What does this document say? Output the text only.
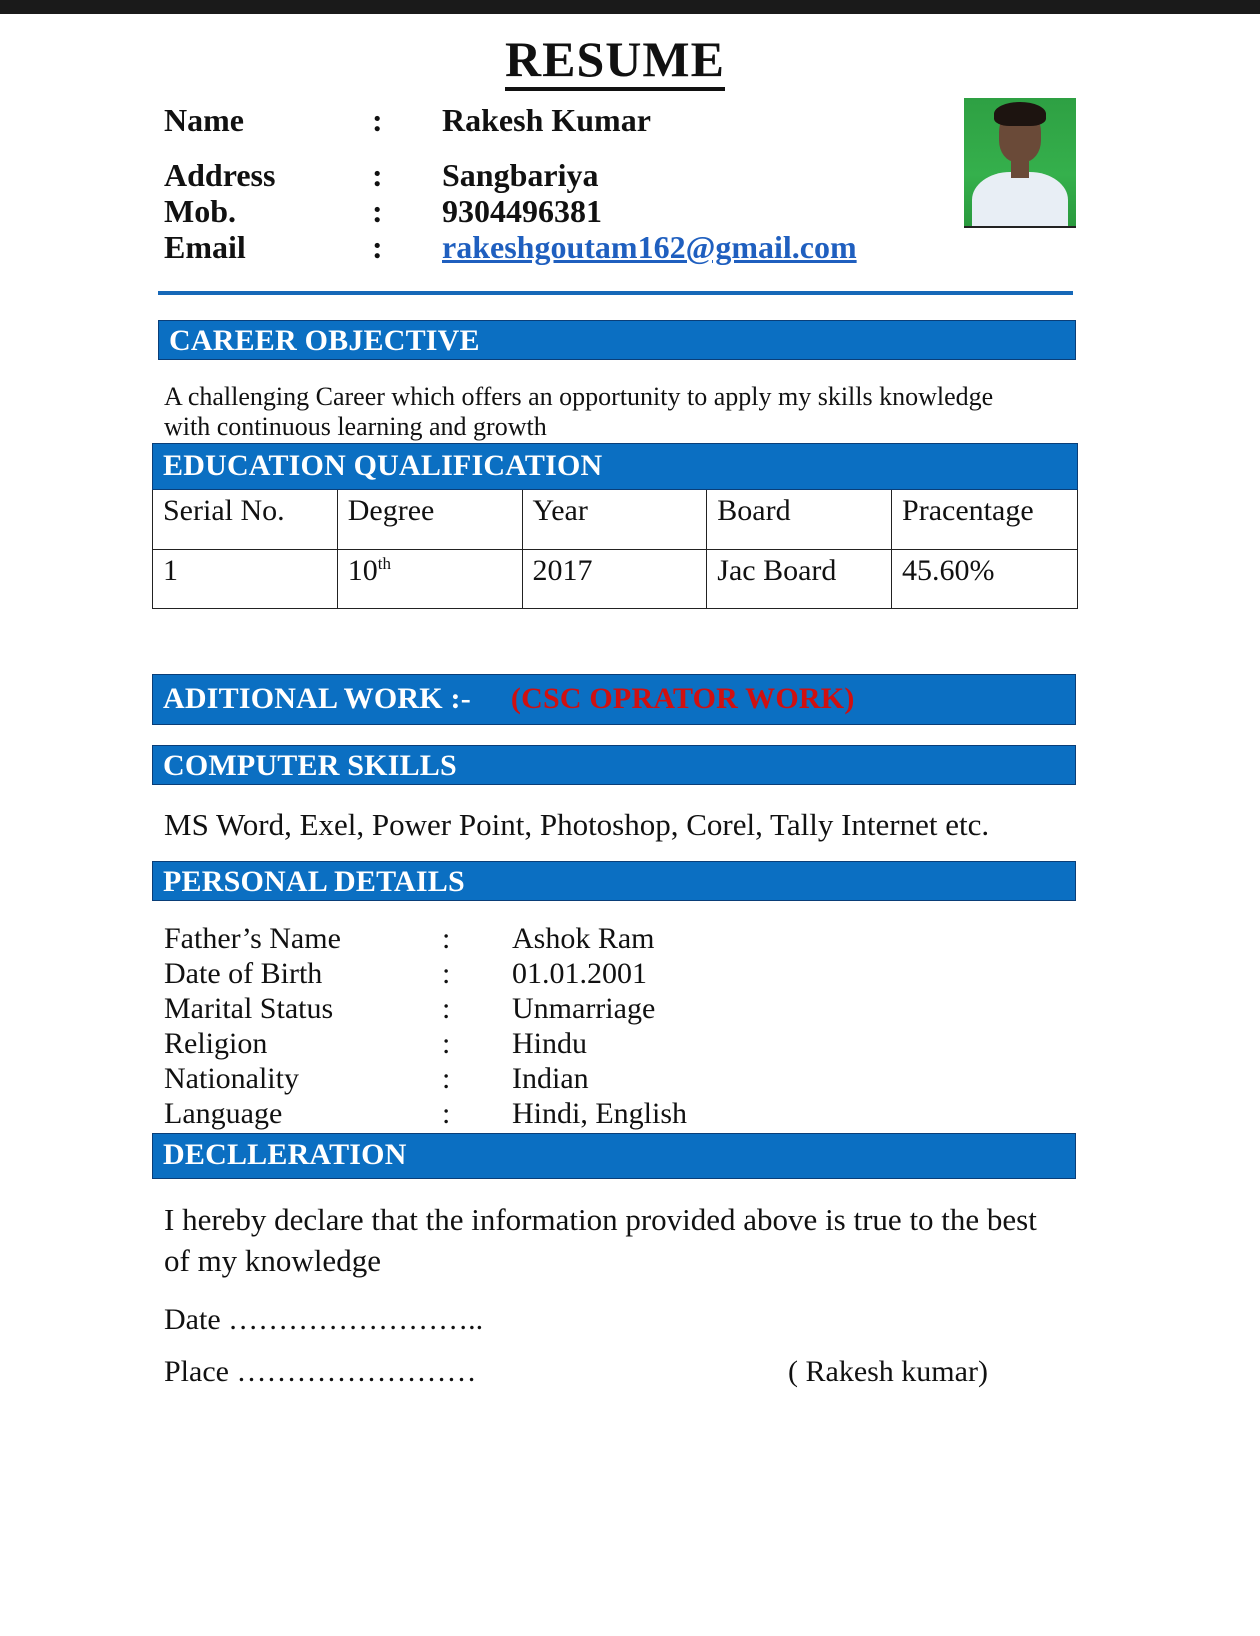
RESUME
Name	: Rakesh Kumar
Address	: Sangbariya
Mob.	: 9304496381
Email	: rakeshgoutam162@gmail.com
CAREER OBJECTIVE
A challenging Career which offers an opportunity to apply my skills knowledge
with continuous learning and growth
EDUCATION QUALIFICATION
Serial No.	Degree	Year	Board	Pracentage
1	10th	2017	Jac Board	45.60%
ADITIONAL WORK :- (CSC OPRATOR WORK)
COMPUTER SKILLS
MS Word, Exel, Power Point, Photoshop, Corel, Tally Internet etc.
PERSONAL DETAILS
Father’s Name	: Ashok Ram
Date of Birth	: 01.01.2001
Marital Status	: Unmarriage
Religion	: Hindu
Nationality	: Indian
Language	: Hindi, English
DECLLERATION
I hereby declare that the information provided above is true to the best
of my knowledge
Date ……………………..
Place ……………………	( Rakesh kumar)
